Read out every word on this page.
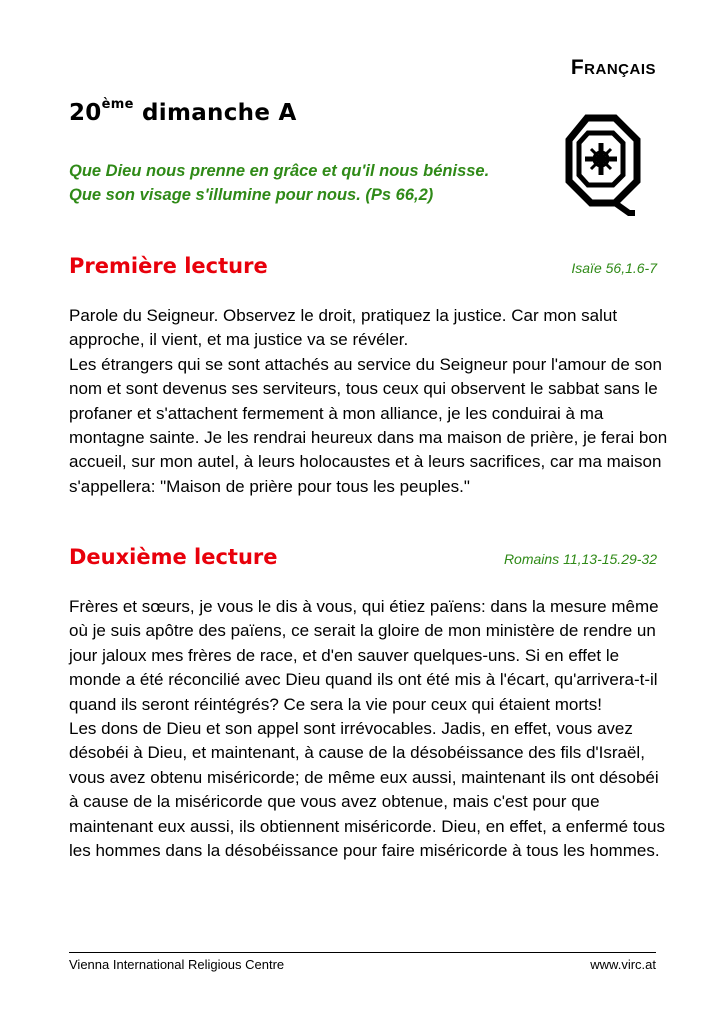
Français
20ème dimanche A
Que Dieu nous prenne en grâce et qu'il nous bénisse.
Que son visage s'illumine pour nous. (Ps 66,2)
Première lecture	Isaïe 56,1.6-7

Parole du Seigneur. Observez le droit, pratiquez la justice. Car mon salut approche, il vient, et ma justice va se révéler.

Les étrangers qui se sont attachés au service du Seigneur pour l'amour de son nom et sont devenus ses serviteurs, tous ceux qui observent le sabbat sans le profaner et s'attachent fermement à mon alliance, je les conduirai à ma montagne sainte. Je les rendrai heureux dans ma maison de prière, je ferai bon accueil, sur mon autel, à leurs holocaustes et à leurs sacrifices, car ma maison s'appellera: "Maison de prière pour tous les peuples."

Deuxième lecture	Romains 11,13-15.29-32

Frères et sœurs, je vous le dis à vous, qui étiez païens: dans la mesure même où je suis apôtre des païens, ce serait la gloire de mon ministère de rendre un jour jaloux mes frères de race, et d'en sauver quelques-uns. Si en effet le monde a été réconcilié avec Dieu quand ils ont été mis à l'écart, qu'arrivera-t-il quand ils seront réintégrés? Ce sera la vie pour ceux qui étaient morts!

Les dons de Dieu et son appel sont irrévocables. Jadis, en effet, vous avez désobéi à Dieu, et maintenant, à cause de la désobéissance des fils d'Israël, vous avez obtenu miséricorde; de même eux aussi, maintenant ils ont désobéi à cause de la miséricorde que vous avez obtenue, mais c'est pour que maintenant eux aussi, ils obtiennent miséricorde. Dieu, en effet, a enfermé tous les hommes dans la désobéissance pour faire miséricorde à tous les hommes.

Vienna International Religious Centre	www.virc.at
